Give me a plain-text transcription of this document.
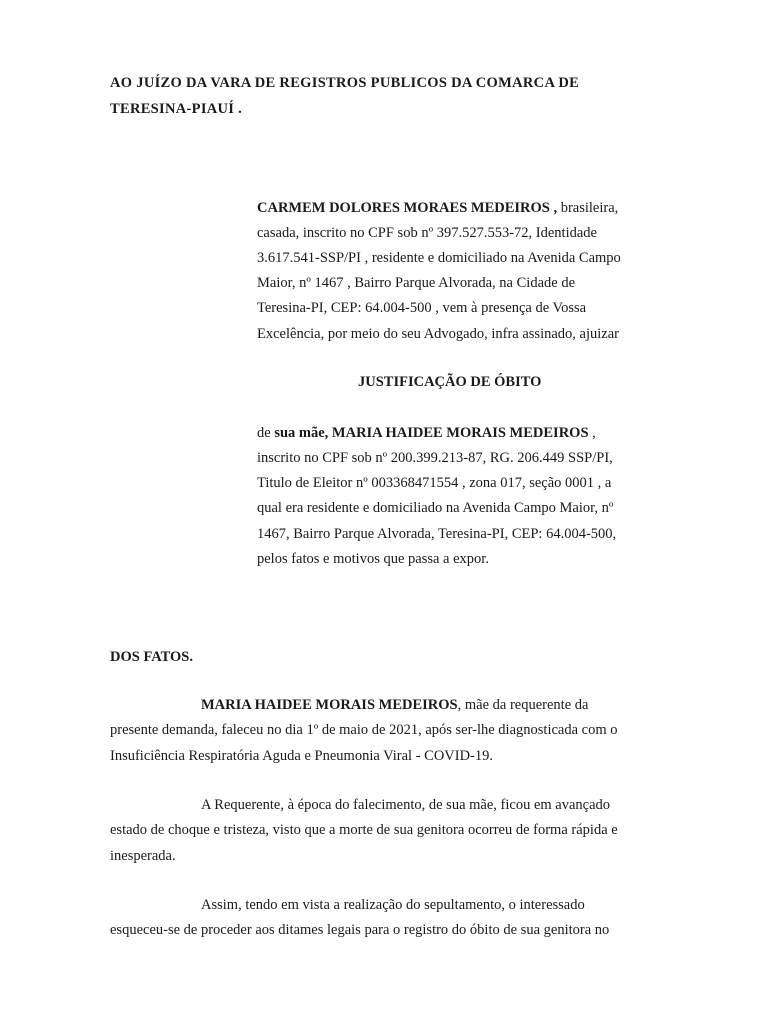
AO JUÍZO DA VARA DE REGISTROS PUBLICOS DA COMARCA DE
TERESINA-PIAUÍ .
CARMEM DOLORES MORAES MEDEIROS , brasileira,
casada, inscrito no CPF sob nº 397.527.553-72, Identidade
3.617.541-SSP/PI , residente e domiciliado na Avenida Campo
Maior, nº 1467 , Bairro Parque Alvorada, na Cidade de
Teresina-PI, CEP: 64.004-500 , vem à presença de Vossa
Excelência, por meio do seu Advogado, infra assinado, ajuizar
JUSTIFICAÇÃO DE ÓBITO
de sua mãe, MARIA HAIDEE MORAIS MEDEIROS ,
inscrito no CPF sob nº 200.399.213-87, RG. 206.449 SSP/PI,
Titulo de Eleitor nº 003368471554 , zona 017, seção 0001 , a
qual era residente e domiciliado na Avenida Campo Maior, nº
1467, Bairro Parque Alvorada, Teresina-PI, CEP: 64.004-500,
pelos fatos e motivos que passa a expor.
DOS FATOS.
MARIA HAIDEE MORAIS MEDEIROS, mãe da requerente da
presente demanda, faleceu no dia 1º de maio de 2021, após ser-lhe diagnosticada com o
Insuficiência Respiratória Aguda e Pneumonia Viral - COVID-19.
A Requerente, à época do falecimento, de sua mãe, ficou em avançado
estado de choque e tristeza, visto que a morte de sua genitora ocorreu de forma rápida e
inesperada.
Assim, tendo em vista a realização do sepultamento, o interessado
esqueceu-se de proceder aos ditames legais para o registro do óbito de sua genitora no
